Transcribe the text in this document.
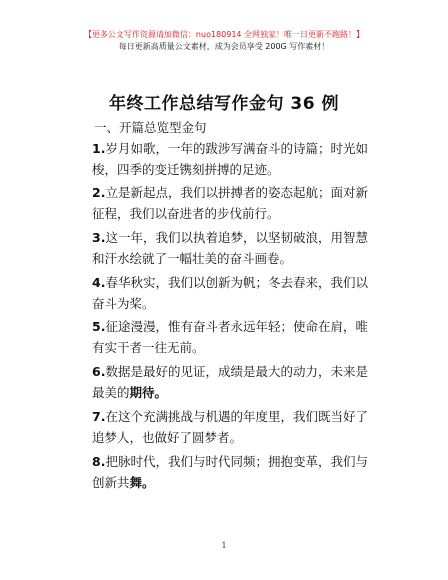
【更多公文写作资源请加微信：nuo180914 全网独家！唯一日更新不跑路！】
每日更新高质量公文素材，成为会员享受 200G 写作素材！
年终工作总结写作金句 36 例
一、开篇总览型金句
1.岁月如歌，一年的跋涉写满奋斗的诗篇；时光如梭，四季的变迁镌刻拼搏的足迹。
2.立是新起点，我们以拼搏者的姿态起航；面对新征程，我们以奋进者的步伐前行。
3.这一年，我们以执着追梦，以坚韧破浪，用智慧和汗水绘就了一幅壮美的奋斗画卷。
4.春华秋实，我们以创新为帆；冬去春来，我们以奋斗为桨。
5.征途漫漫，惟有奋斗者永远年轻；使命在肩，唯有实干者一往无前。
6.数据是最好的见证，成绩是最大的动力，未来是最美的期待。
7.在这个充满挑战与机遇的年度里，我们既当好了追梦人，也做好了圆梦者。
8.把脉时代，我们与时代同频；拥抱变革，我们与创新共舞。
1
